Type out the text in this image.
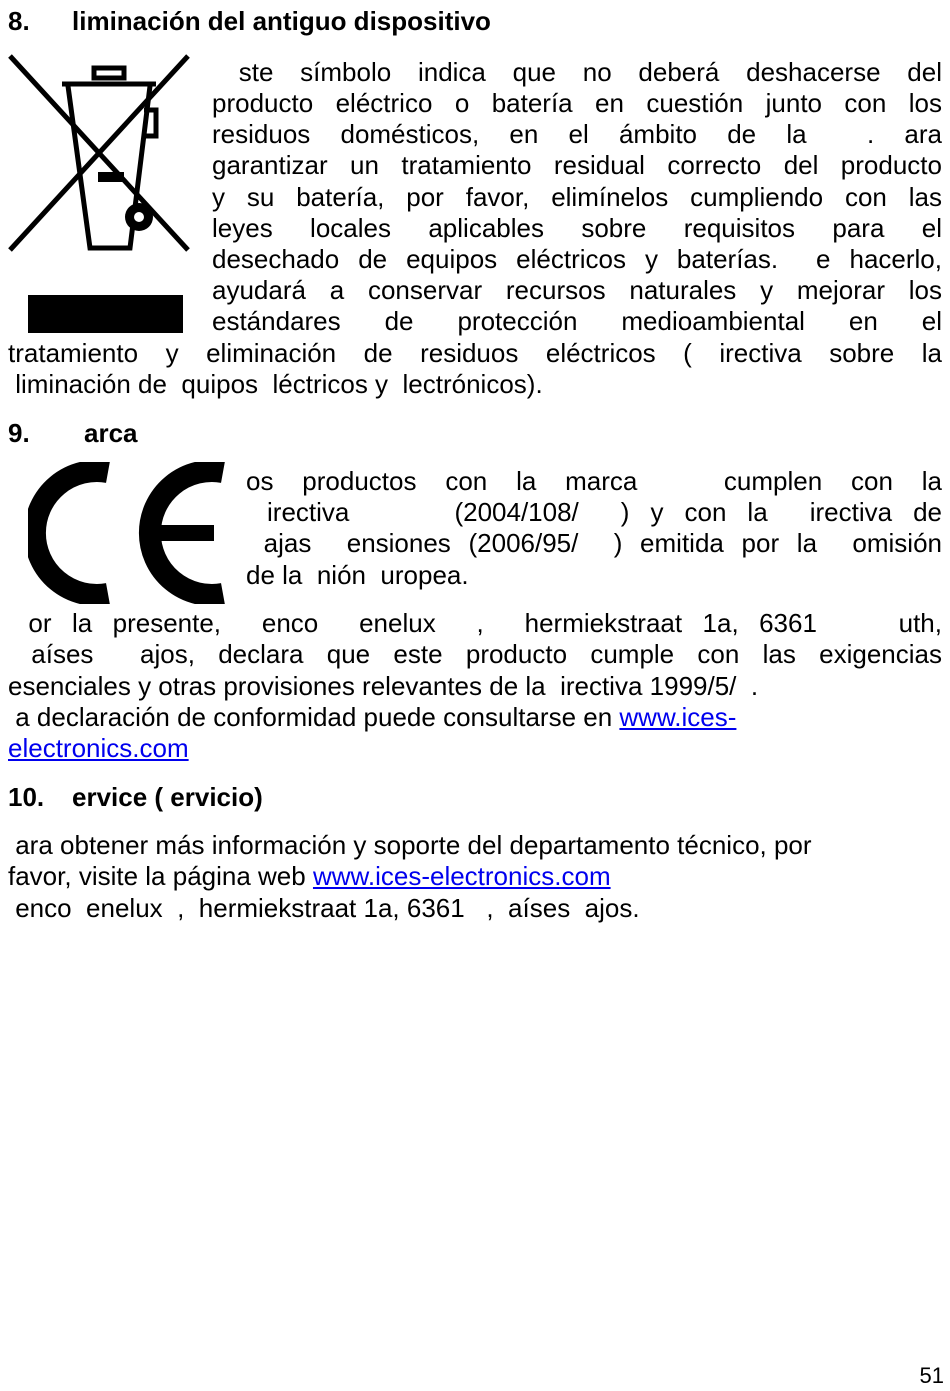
8. liminación del antiguo dispositivo
ste símbolo indica que no deberá deshacerse del
producto eléctrico o batería en cuestión junto con los
residuos domésticos, en el ámbito de la  . ara
garantizar un tratamiento residual correcto del producto
y su batería, por favor, elimínelos cumpliendo con las
leyes locales aplicables sobre requisitos para el
desechado de equipos eléctricos y baterías.  e hacerlo,
ayudará a conservar recursos naturales y mejorar los
estándares de protección medioambiental en el
tratamiento y eliminación de residuos eléctricos ( irectiva sobre la
liminación de  quipos  léctricos y  lectrónicos).
9. arca
os productos con la marca   cumplen con la
irectiva     (2004/108/  ) y con la  irectiva de
ajas  ensiones (2006/95/  ) emitida por la  omisión
de la  nión  uropea.
or la presente,  enco  enelux  ,  hermiekstraat 1a, 6361    uth,
aíses  ajos, declara que este producto cumple con las exigencias
esenciales y otras provisiones relevantes de la  irectiva 1999/5/  .
a declaración de conformidad puede consultarse en www.ices-
electronics.com
10. ervice ( ervicio)
ara obtener más información y soporte del departamento técnico, por
favor, visite la página web www.ices-electronics.com
enco  enelux  ,  hermiekstraat 1a, 6361   ,  aíses  ajos.
51
